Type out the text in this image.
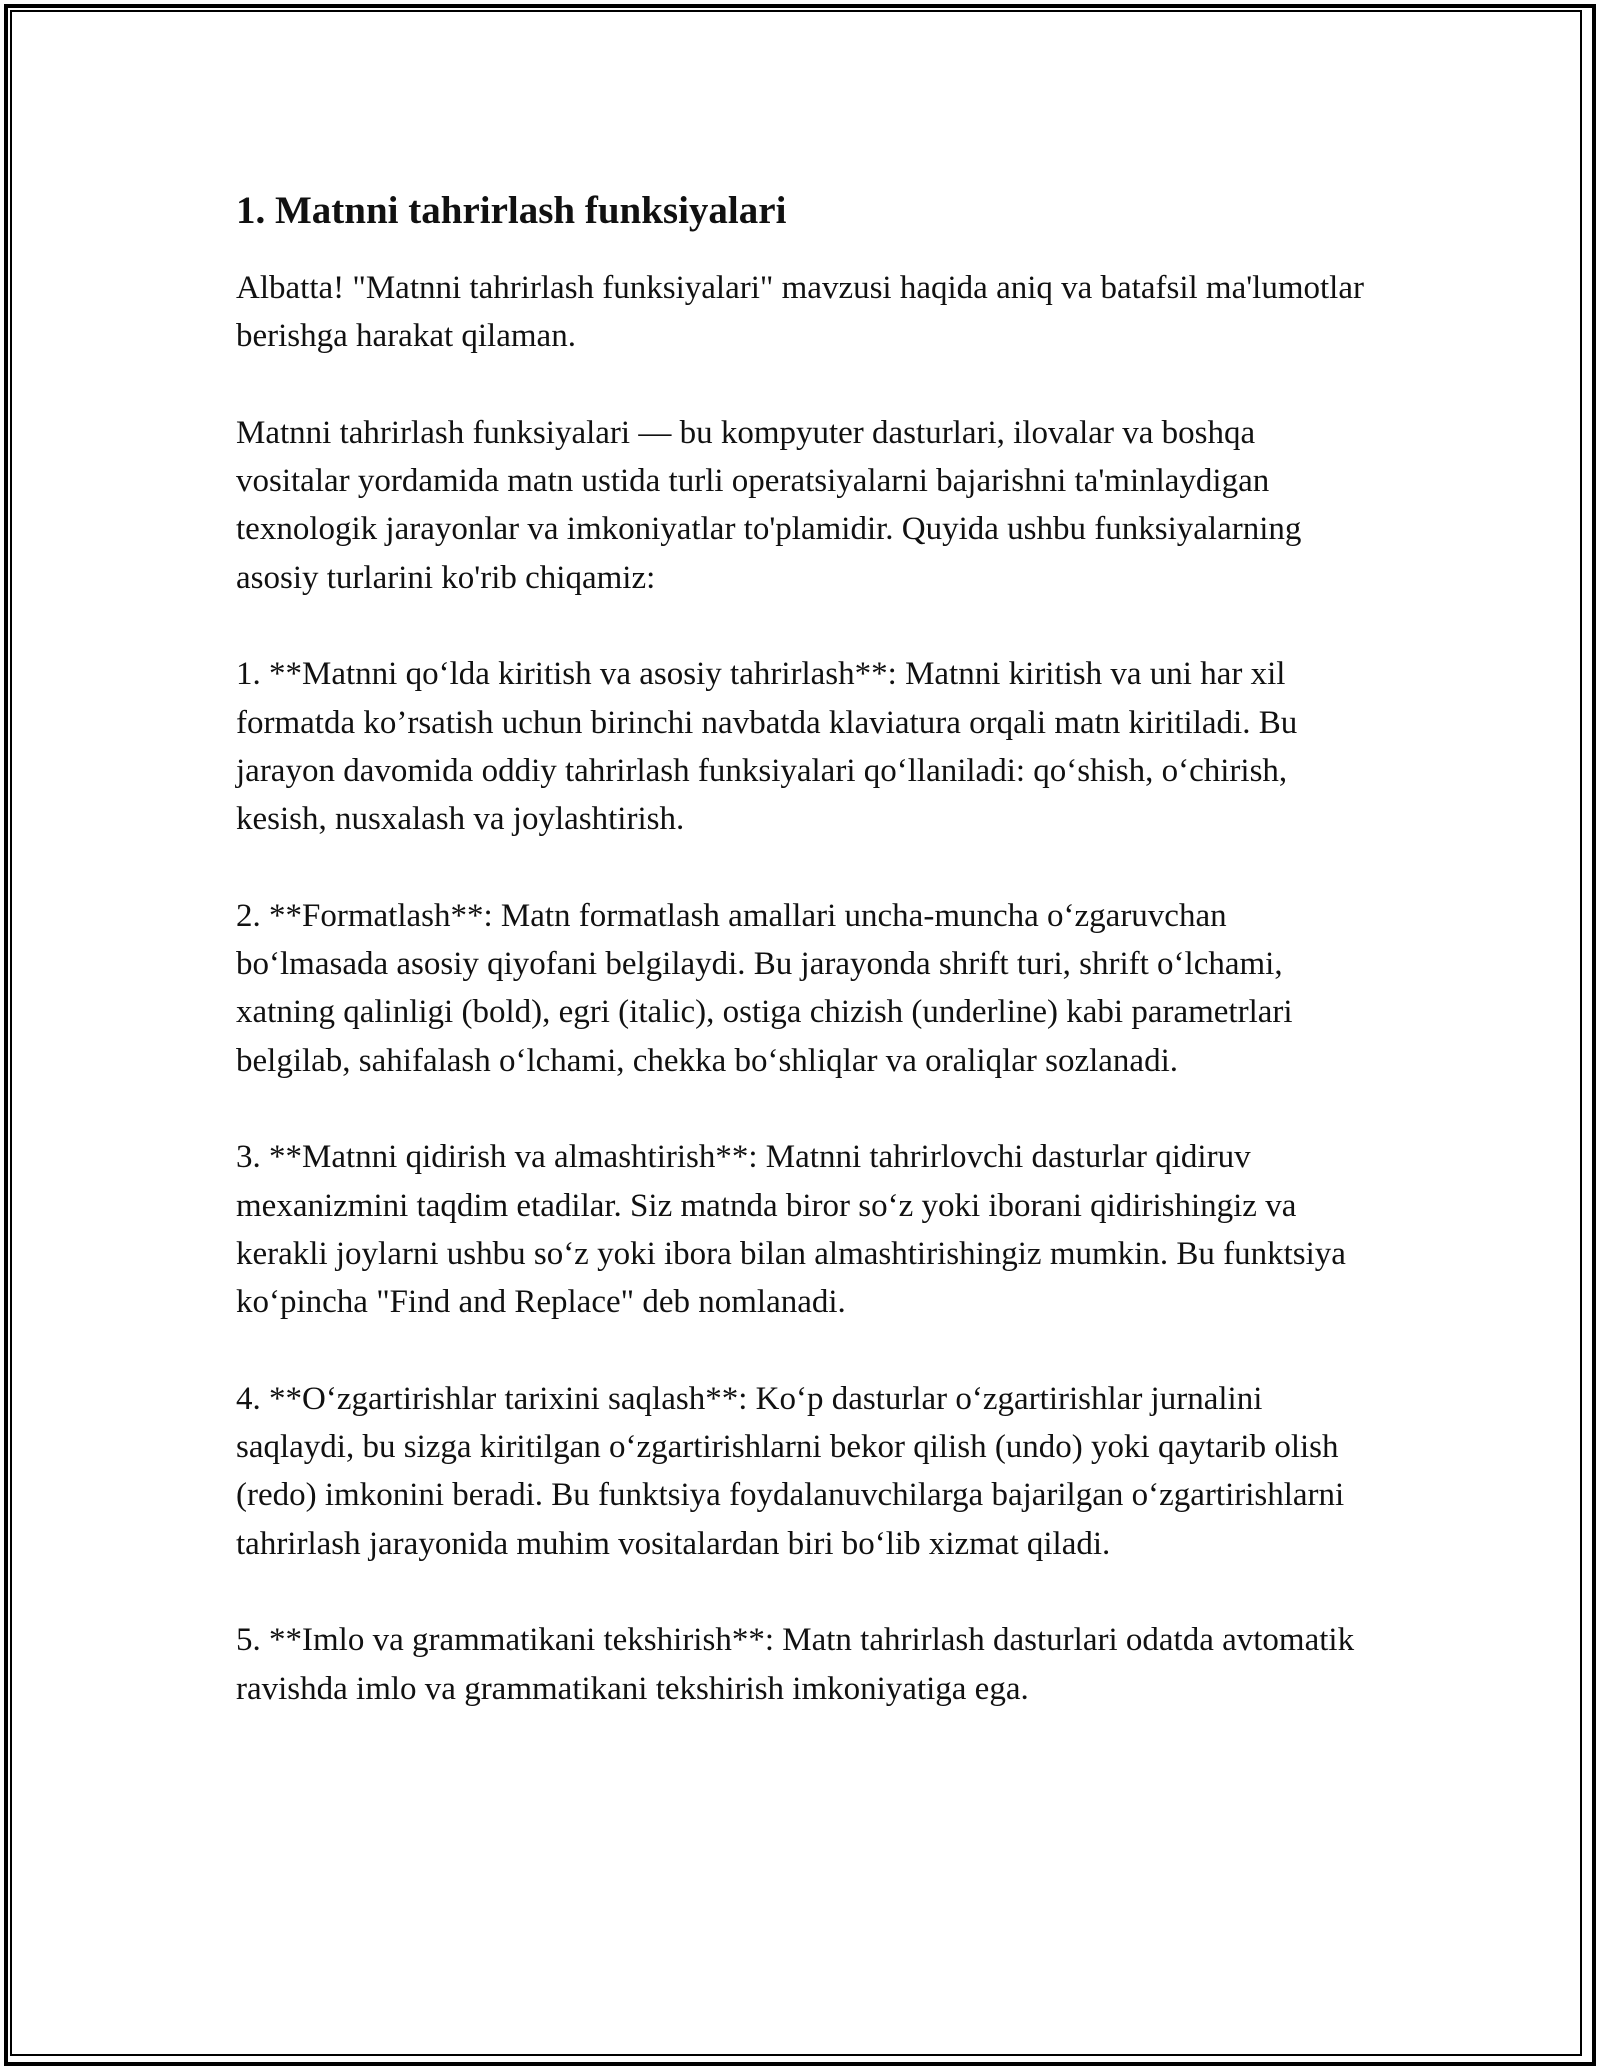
1. Matnni tahrirlash funksiyalari

Albatta! "Matnni tahrirlash funksiyalari" mavzusi haqida aniq va batafsil ma'lumotlar berishga harakat qilaman.

Matnni tahrirlash funksiyalari — bu kompyuter dasturlari, ilovalar va boshqa vositalar yordamida matn ustida turli operatsiyalarni bajarishni ta'minlaydigan texnologik jarayonlar va imkoniyatlar to'plamidir. Quyida ushbu funksiyalarning asosiy turlarini ko'rib chiqamiz:

1. **Matnni qo‘lda kiritish va asosiy tahrirlash**: Matnni kiritish va uni har xil formatda ko’rsatish uchun birinchi navbatda klaviatura orqali matn kiritiladi. Bu jarayon davomida oddiy tahrirlash funksiyalari qo‘llaniladi: qo‘shish, o‘chirish, kesish, nusxalash va joylashtirish.

2. **Formatlash**: Matn formatlash amallari uncha-muncha o‘zgaruvchan bo‘lmasada asosiy qiyofani belgilaydi. Bu jarayonda shrift turi, shrift o‘lchami, xatning qalinligi (bold), egri (italic), ostiga chizish (underline) kabi parametrlari belgilab, sahifalash o‘lchami, chekka bo‘shliqlar va oraliqlar sozlanadi.

3. **Matnni qidirish va almashtirish**: Matnni tahrirlovchi dasturlar qidiruv mexanizmini taqdim etadilar. Siz matnda biror so‘z yoki iborani qidirishingiz va kerakli joylarni ushbu so‘z yoki ibora bilan almashtirishingiz mumkin. Bu funktsiya ko‘pincha "Find and Replace" deb nomlanadi.

4. **O‘zgartirishlar tarixini saqlash**: Ko‘p dasturlar o‘zgartirishlar jurnalini saqlaydi, bu sizga kiritilgan o‘zgartirishlarni bekor qilish (undo) yoki qaytarib olish (redo) imkonini beradi. Bu funktsiya foydalanuvchilarga bajarilgan o‘zgartirishlarni tahrirlash jarayonida muhim vositalardan biri bo‘lib xizmat qiladi.

5. **Imlo va grammatikani tekshirish**: Matn tahrirlash dasturlari odatda avtomatik ravishda imlo va grammatikani tekshirish imkoniyatiga ega.
